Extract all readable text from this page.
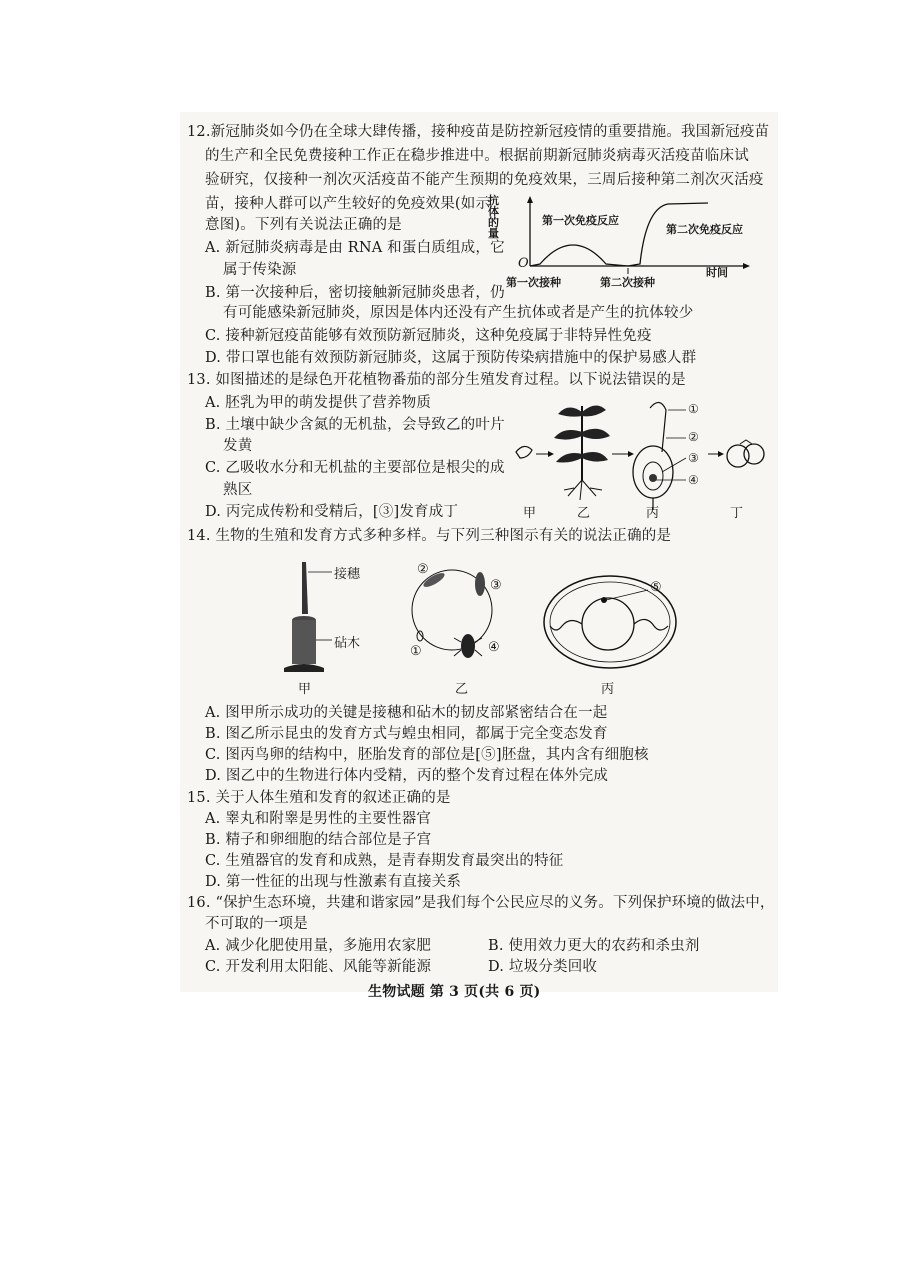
12.新冠肺炎如今仍在全球大肆传播，接种疫苗是防控新冠疫情的重要措施。我国新冠疫苗
的生产和全民免费接种工作正在稳步推进中。根据前期新冠肺炎病毒灭活疫苗临床试
验研究，仅接种一剂次灭活疫苗不能产生预期的免疫效果，三周后接种第二剂次灭活疫
苗，接种人群可以产生较好的免疫效果(如示
意图)。下列有关说法正确的是
A. 新冠肺炎病毒是由 RNA 和蛋白质组成，它
属于传染源
B. 第一次接种后，密切接触新冠肺炎患者，仍
有可能感染新冠肺炎，原因是体内还没有产生抗体或者是产生的抗体较少
C. 接种新冠疫苗能够有效预防新冠肺炎，这种免疫属于非特异性免疫
D. 带口罩也能有效预防新冠肺炎，这属于预防传染病措施中的保护易感人群
抗
体
的
量
O
第一次免疫反应
第二次免疫反应
第一次接种	第二次接种
时间
13. 如图描述的是绿色开花植物番茄的部分生殖发育过程。以下说法错误的是
A. 胚乳为甲的萌发提供了营养物质
B. 土壤中缺少含氮的无机盐，会导致乙的叶片
发黄
C. 乙吸收水分和无机盐的主要部位是根尖的成
熟区
D. 丙完成传粉和受精后，[③]发育成丁
①
②
③
④
甲	乙	丙	丁
14. 生物的生殖和发育方式多种多样。与下列三种图示有关的说法正确的是
接穗
砧木
②
③
④
①
⑤
甲	乙	丙
A. 图甲所示成功的关键是接穗和砧木的韧皮部紧密结合在一起
B. 图乙所示昆虫的发育方式与蝗虫相同，都属于完全变态发育
C. 图丙鸟卵的结构中，胚胎发育的部位是[⑤]胚盘，其内含有细胞核
D. 图乙中的生物进行体内受精，丙的整个发育过程在体外完成
15. 关于人体生殖和发育的叙述正确的是
A. 睾丸和附睾是男性的主要性器官
B. 精子和卵细胞的结合部位是子宫
C. 生殖器官的发育和成熟，是青春期发育最突出的特征
D. 第一性征的出现与性激素有直接关系
16. “保护生态环境，共建和谐家园”是我们每个公民应尽的义务。下列保护环境的做法中，
不可取的一项是
A. 减少化肥使用量，多施用农家肥	B. 使用效力更大的农药和杀虫剂
C. 开发利用太阳能、风能等新能源	D. 垃圾分类回收
生物试题 第 3 页(共 6 页)
